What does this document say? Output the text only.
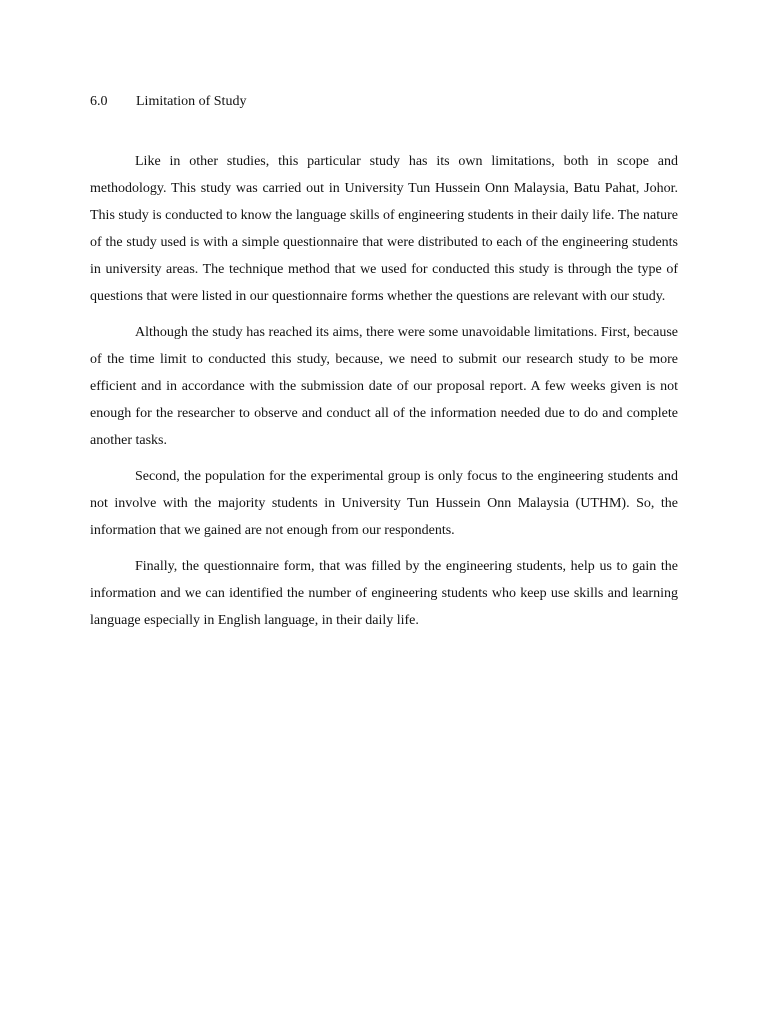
6.0 Limitation of Study

Like in other studies, this particular study has its own limitations, both in scope and methodology. This study was carried out in University Tun Hussein Onn Malaysia, Batu Pahat, Johor. This study is conducted to know the language skills of engineering students in their daily life. The nature of the study used is with a simple questionnaire that were distributed to each of the engineering students in university areas. The technique method that we used for conducted this study is through the type of questions that were listed in our questionnaire forms whether the questions are relevant with our study.

Although the study has reached its aims, there were some unavoidable limitations. First, because of the time limit to conducted this study, because, we need to submit our research study to be more efficient and in accordance with the submission date of our proposal report. A few weeks given is not enough for the researcher to observe and conduct all of the information needed due to do and complete another tasks.

Second, the population for the experimental group is only focus to the engineering students and not involve with the majority students in University Tun Hussein Onn Malaysia (UTHM). So, the information that we gained are not enough from our respondents.

Finally, the questionnaire form, that was filled by the engineering students, help us to gain the information and we can identified the number of engineering students who keep use skills and learning language especially in English language, in their daily life.
